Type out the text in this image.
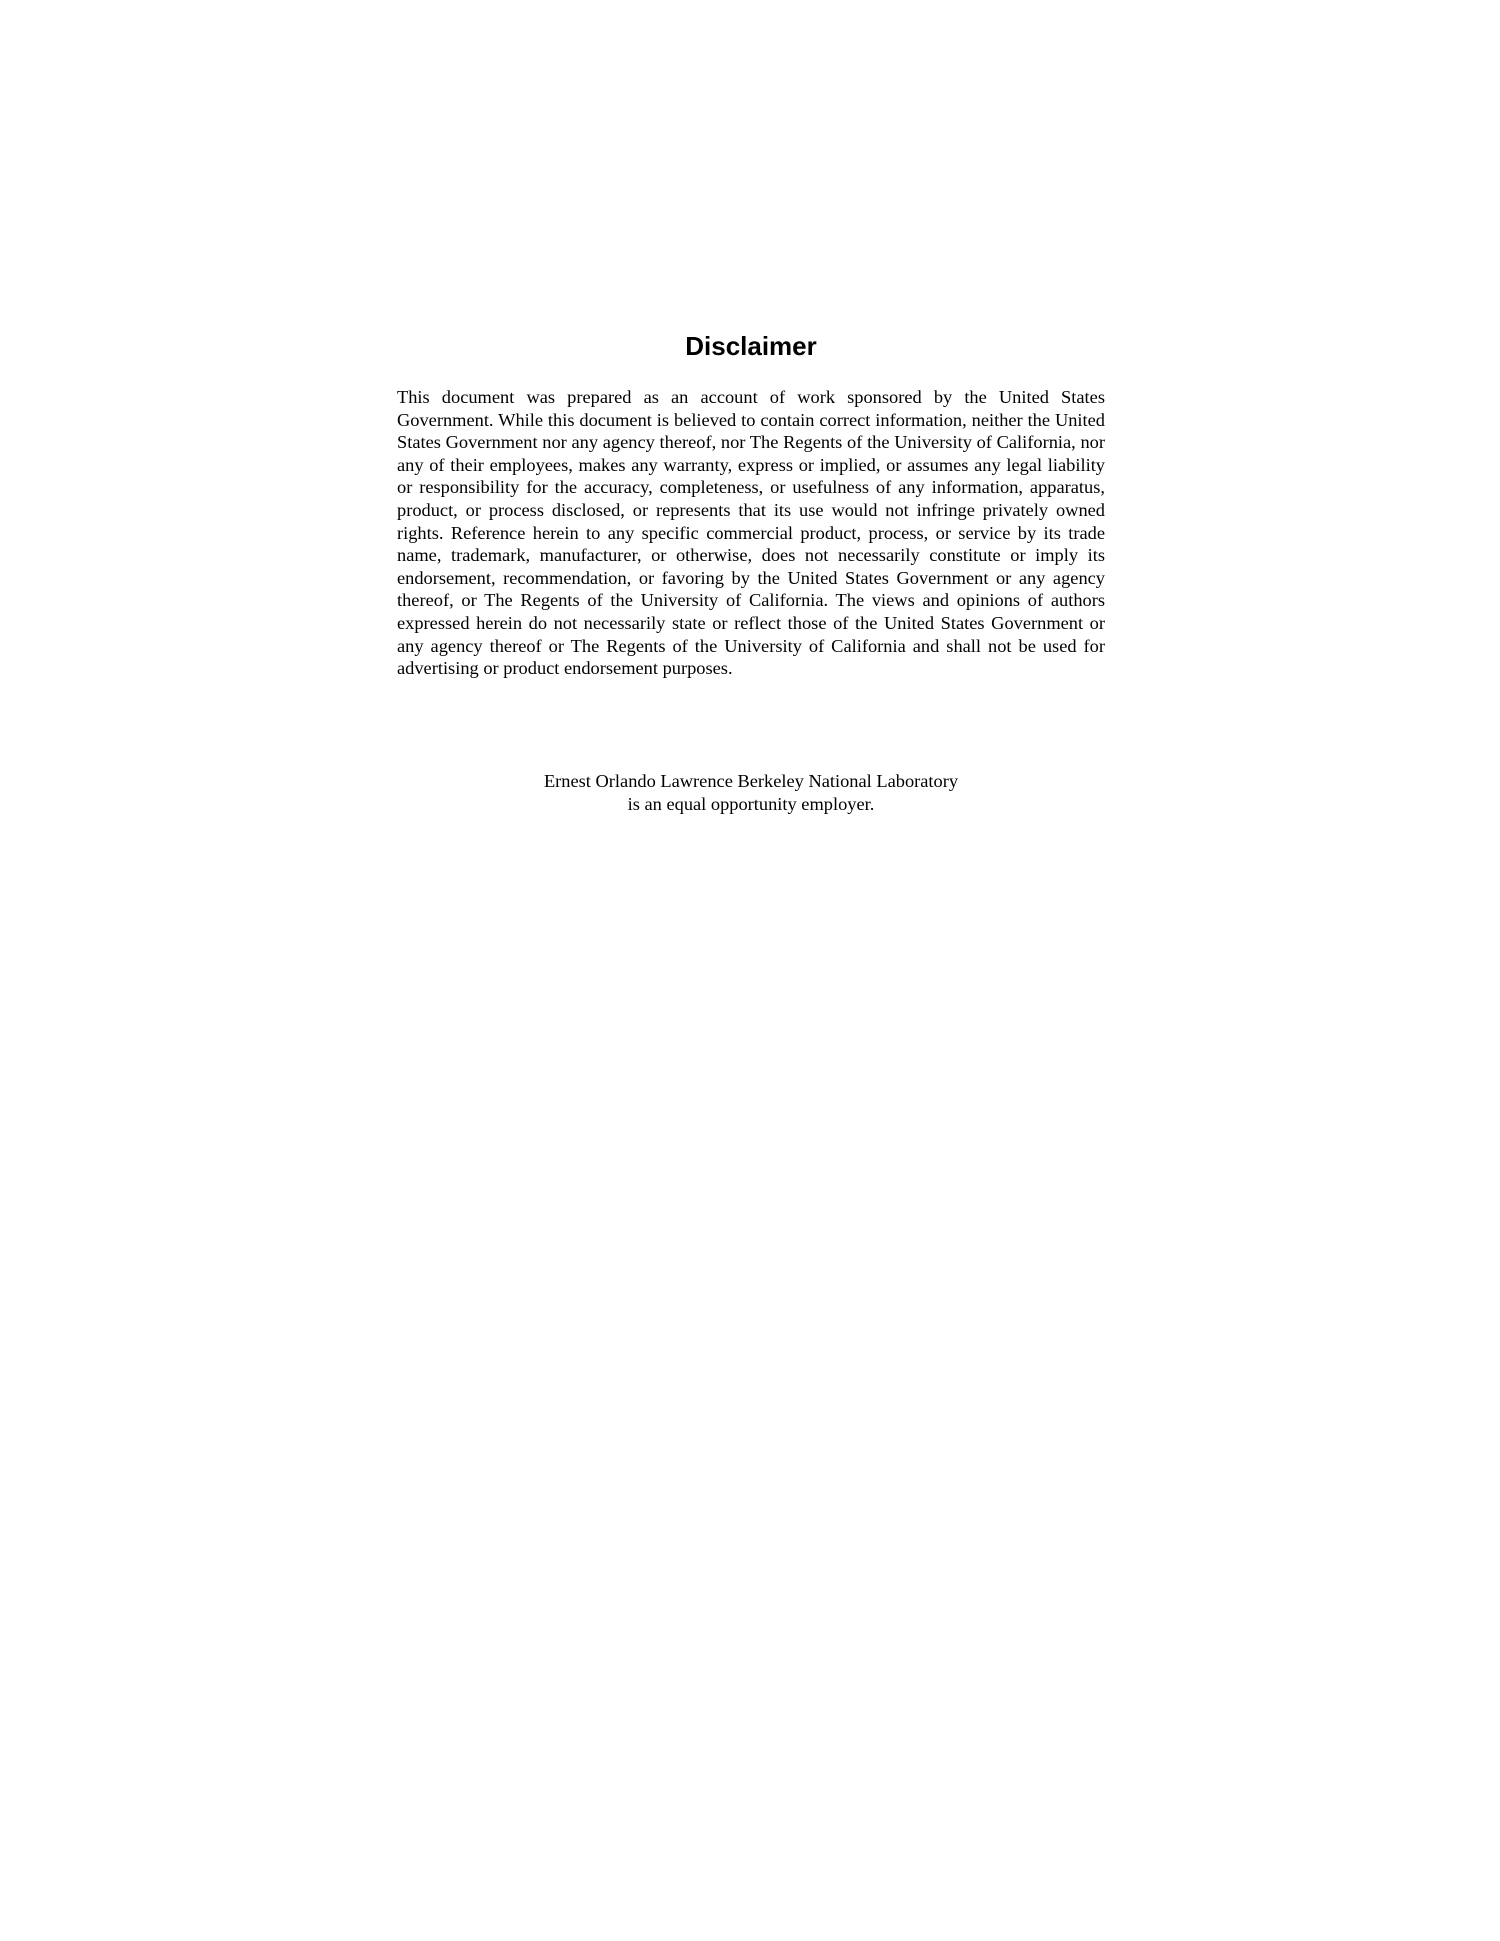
Disclaimer

This document was prepared as an account of work sponsored by the United States Government. While this document is believed to contain correct information, neither the United States Government nor any agency thereof, nor The Regents of the University of California, nor any of their employees, makes any warranty, express or implied, or assumes any legal liability or responsibility for the accuracy, completeness, or usefulness of any information, apparatus, product, or process disclosed, or represents that its use would not infringe privately owned rights. Reference herein to any specific commercial product, process, or service by its trade name, trademark, manufacturer, or otherwise, does not necessarily constitute or imply its endorsement, recommendation, or favoring by the United States Government or any agency thereof, or The Regents of the University of California. The views and opinions of authors expressed herein do not necessarily state or reflect those of the United States Government or any agency thereof or The Regents of the University of California and shall not be used for advertising or product endorsement purposes.

Ernest Orlando Lawrence Berkeley National Laboratory
is an equal opportunity employer.
